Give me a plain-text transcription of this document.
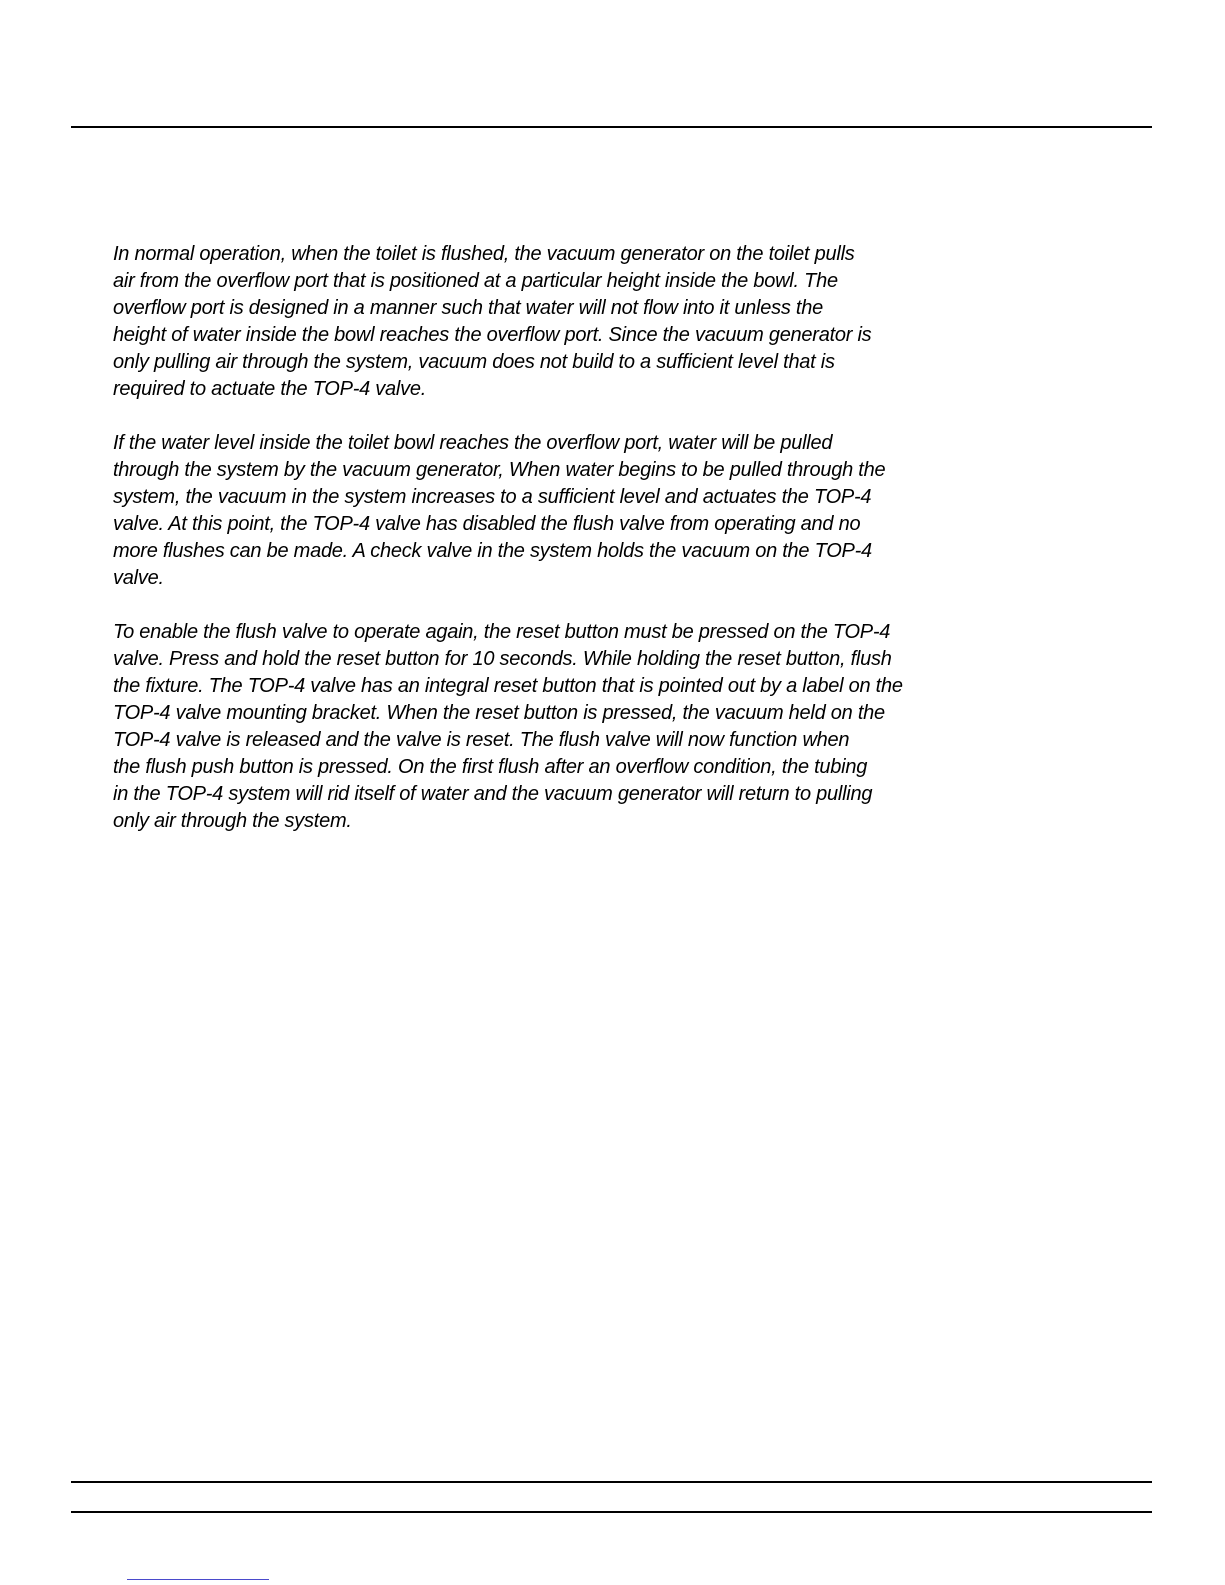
In normal operation, when the toilet is flushed, the vacuum generator on the toilet pulls
air from the overflow port that is positioned at a particular height inside the bowl. The
overflow port is designed in a manner such that water will not flow into it unless the
height of water inside the bowl reaches the overflow port. Since the vacuum generator is
only pulling air through the system, vacuum does not build to a sufficient level that is
required to actuate the TOP-4 valve.
If the water level inside the toilet bowl reaches the overflow port, water will be pulled
through the system by the vacuum generator, When water begins to be pulled through the
system, the vacuum in the system increases to a sufficient level and actuates the TOP-4
valve. At this point, the TOP-4 valve has disabled the flush valve from operating and no
more flushes can be made. A check valve in the system holds the vacuum on the TOP-4
valve.
To enable the flush valve to operate again, the reset button must be pressed on the TOP-4
valve. Press and hold the reset button for 10 seconds. While holding the reset button, flush
the fixture. The TOP-4 valve has an integral reset button that is pointed out by a label on the
TOP-4 valve mounting bracket. When the reset button is pressed, the vacuum held on the
TOP-4 valve is released and the valve is reset. The flush valve will now function when
the flush push button is pressed. On the first flush after an overflow condition, the tubing
in the TOP-4 system will rid itself of water and the vacuum generator will return to pulling
only air through the system.
